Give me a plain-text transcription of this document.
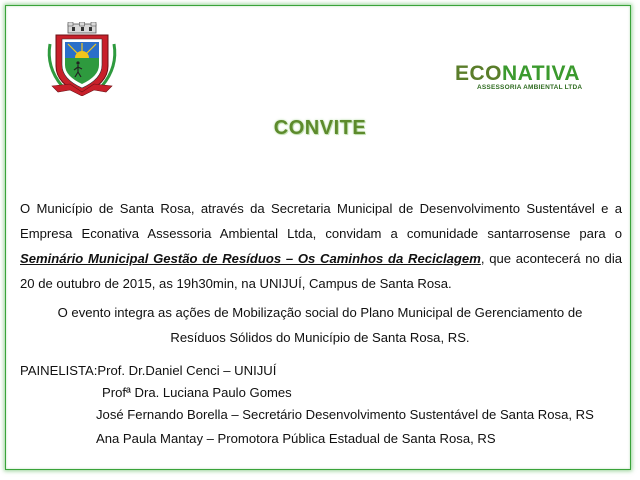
ECONATIVA
ASSESSORIA AMBIENTAL LTDA
CONVITE
O Município de Santa Rosa, através da Secretaria Municipal de Desenvolvimento Sustentável e a Empresa Econativa Assessoria Ambiental Ltda, convidam a comunidade santarrosense para o Seminário Municipal Gestão de Resíduos – Os Caminhos da Reciclagem, que acontecerá no dia 20 de outubro de 2015, as 19h30min, na UNIJUÍ, Campus de Santa Rosa.
O evento integra as ações de Mobilização social do Plano Municipal de Gerenciamento de Resíduos Sólidos do Município de Santa Rosa, RS.
PAINELISTA:Prof. Dr.Daniel Cenci – UNIJUÍ
Profª Dra. Luciana Paulo Gomes
José Fernando Borella – Secretário Desenvolvimento Sustentável de Santa Rosa, RS
Ana Paula Mantay – Promotora Pública Estadual de Santa Rosa, RS
